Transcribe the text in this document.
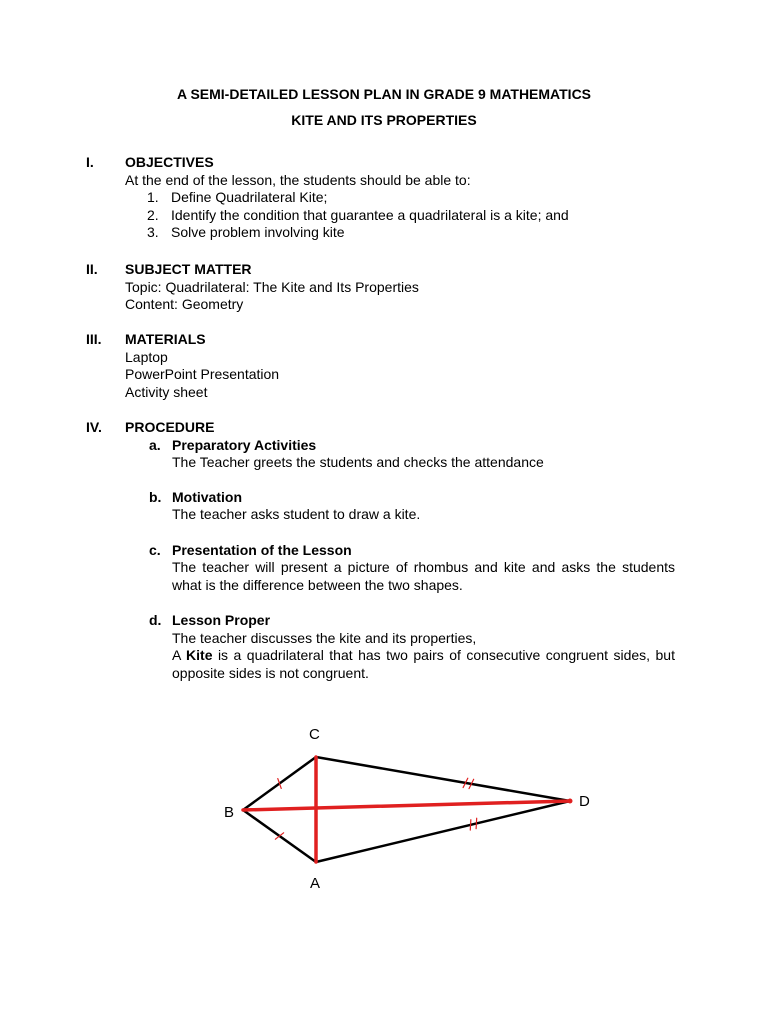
A SEMI-DETAILED LESSON PLAN IN GRADE 9 MATHEMATICS
KITE AND ITS PROPERTIES
I. OBJECTIVES
At the end of the lesson, the students should be able to:
1. Define Quadrilateral Kite;
2. Identify the condition that guarantee a quadrilateral is a kite; and
3. Solve problem involving kite
II. SUBJECT MATTER
Topic: Quadrilateral: The Kite and Its Properties
Content: Geometry
III. MATERIALS
Laptop
PowerPoint Presentation
Activity sheet
IV. PROCEDURE
a. Preparatory Activities
The Teacher greets the students and checks the attendance
b. Motivation
The teacher asks student to draw a kite.
c. Presentation of the Lesson
The teacher will present a picture of rhombus and kite and asks the students what is the difference between the two shapes.
d. Lesson Proper
The teacher discusses the kite and its properties,
A Kite is a quadrilateral that has two pairs of consecutive congruent sides, but opposite sides is not congruent.
C
B
D
A
